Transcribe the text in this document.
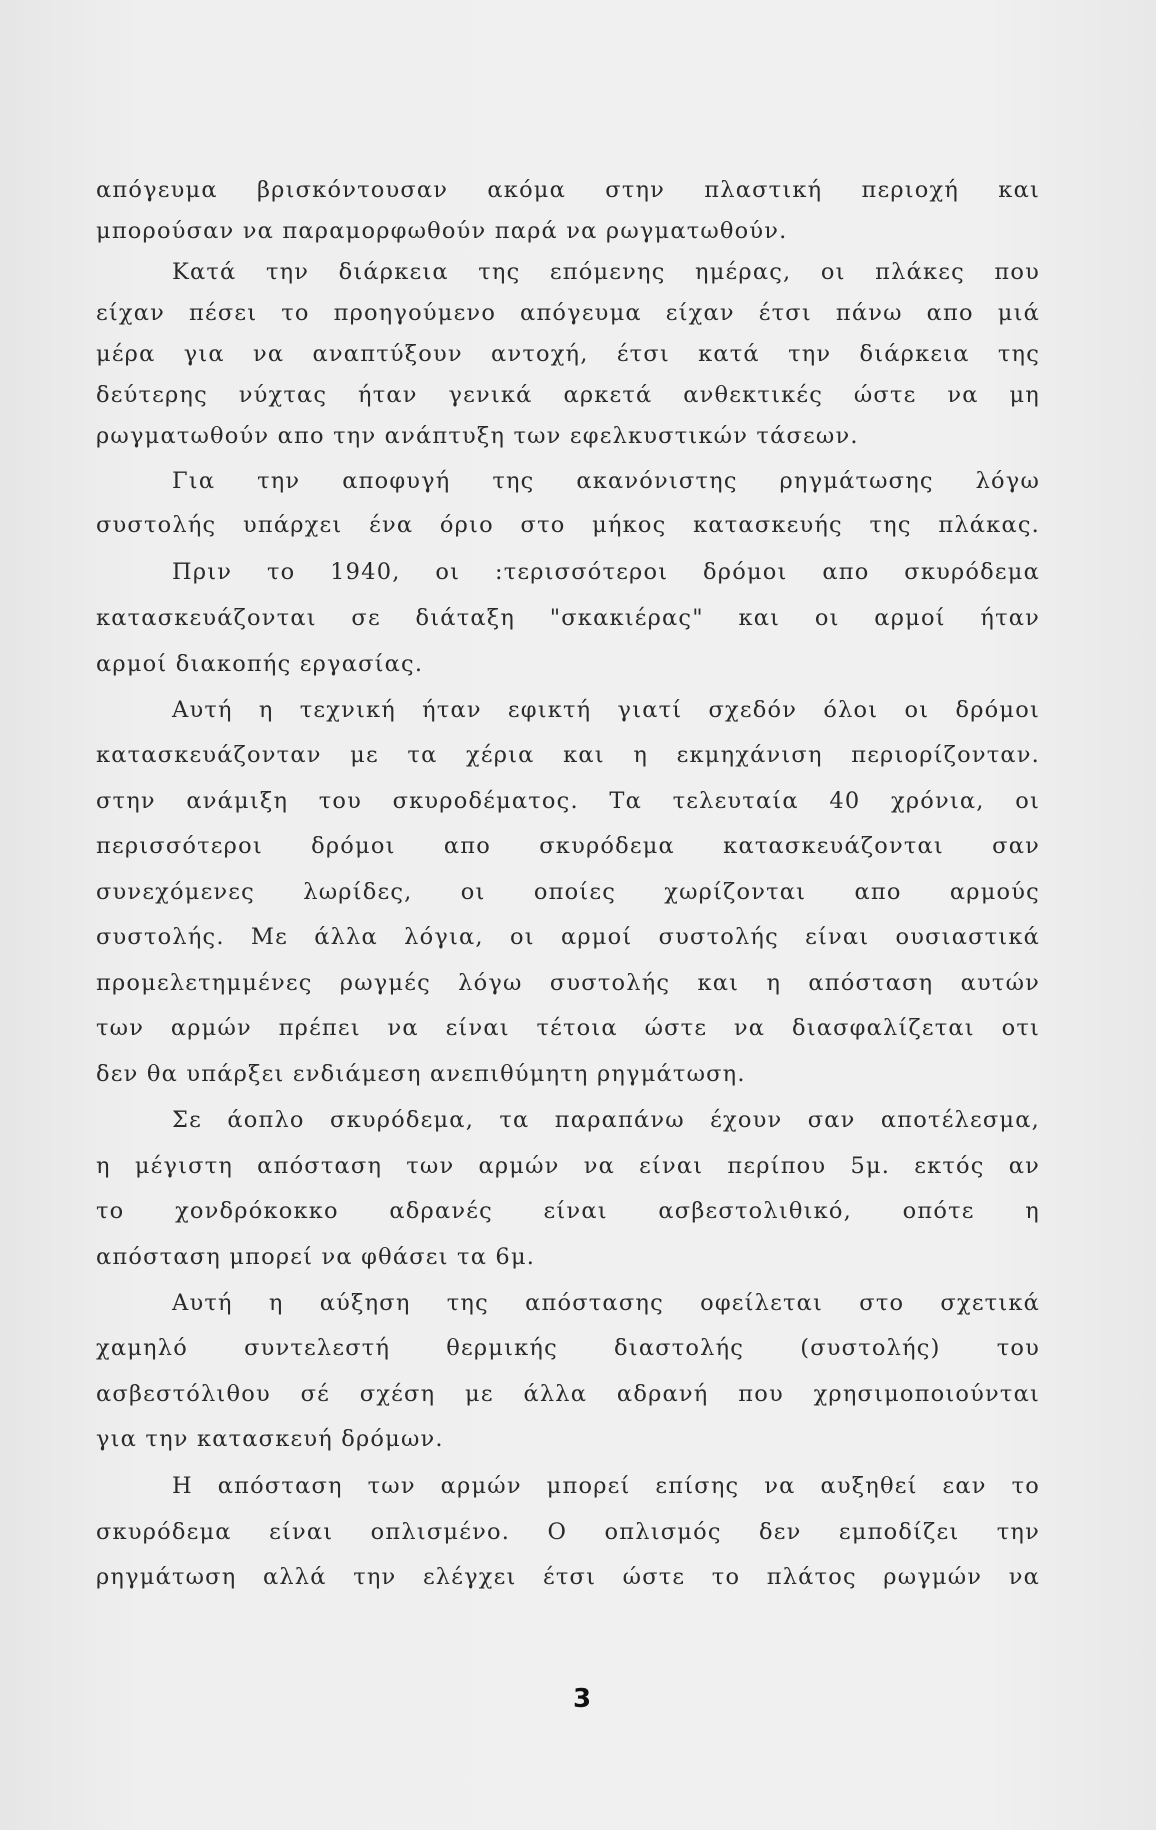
απόγευμα βρισκόντουσαν ακόμα στην πλαστική περιοχή και
μπορούσαν να παραμορφωθούν παρά να ρωγματωθούν.
Κατά την διάρκεια της επόμενης ημέρας, οι πλάκες που
είχαν πέσει το προηγούμενο απόγευμα είχαν έτσι πάνω απο μιά
μέρα για να αναπτύξουν αντοχή, έτσι κατά την διάρκεια της
δεύτερης νύχτας ήταν γενικά αρκετά ανθεκτικές ώστε να μη
ρωγματωθούν απο την ανάπτυξη των εφελκυστικών τάσεων.
Για την αποφυγή της ακανόνιστης ρηγμάτωσης λόγω
συστολής υπάρχει ένα όριο στο μήκος κατασκευής της πλάκας.
Πριν το 1940, οι :τερισσότεροι δρόμοι απο σκυρόδεμα
κατασκευάζονται σε διάταξη "σκακιέρας" και οι αρμοί ήταν
αρμοί διακοπής εργασίας.
Αυτή η τεχνική ήταν εφικτή γιατί σχεδόν όλοι οι δρόμοι
κατασκευάζονταν με τα χέρια και η εκμηχάνιση περιορίζονταν.
στην ανάμιξη του σκυροδέματος. Τα τελευταία 40 χρόνια, οι
περισσότεροι δρόμοι απο σκυρόδεμα κατασκευάζονται σαν
συνεχόμενες λωρίδες, οι οποίες χωρίζονται απο αρμούς
συστολής. Με άλλα λόγια, οι αρμοί συστολής είναι ουσιαστικά
προμελετημμένες ρωγμές λόγω συστολής και η απόσταση αυτών
των αρμών πρέπει να είναι τέτοια ώστε να διασφαλίζεται οτι
δεν θα υπάρξει ενδιάμεση ανεπιθύμητη ρηγμάτωση.
Σε άοπλο σκυρόδεμα, τα παραπάνω έχουν σαν αποτέλεσμα,
η μέγιστη απόσταση των αρμών να είναι περίπου 5μ. εκτός αν
το χονδρόκοκκο αδρανές είναι ασβεστολιθικό, οπότε η
απόσταση μπορεί να φθάσει τα 6μ.
Αυτή η αύξηση της απόστασης οφείλεται στο σχετικά
χαμηλό συντελεστή θερμικής διαστολής (συστολής) του
ασβεστόλιθου σέ σχέση με άλλα αδρανή που χρησιμοποιούνται
για την κατασκευή δρόμων.
Η απόσταση των αρμών μπορεί επίσης να αυξηθεί εαν το
σκυρόδεμα είναι οπλισμένο. Ο οπλισμός δεν εμποδίζει την
ρηγμάτωση αλλά την ελέγχει έτσι ώστε το πλάτος ρωγμών να
3
